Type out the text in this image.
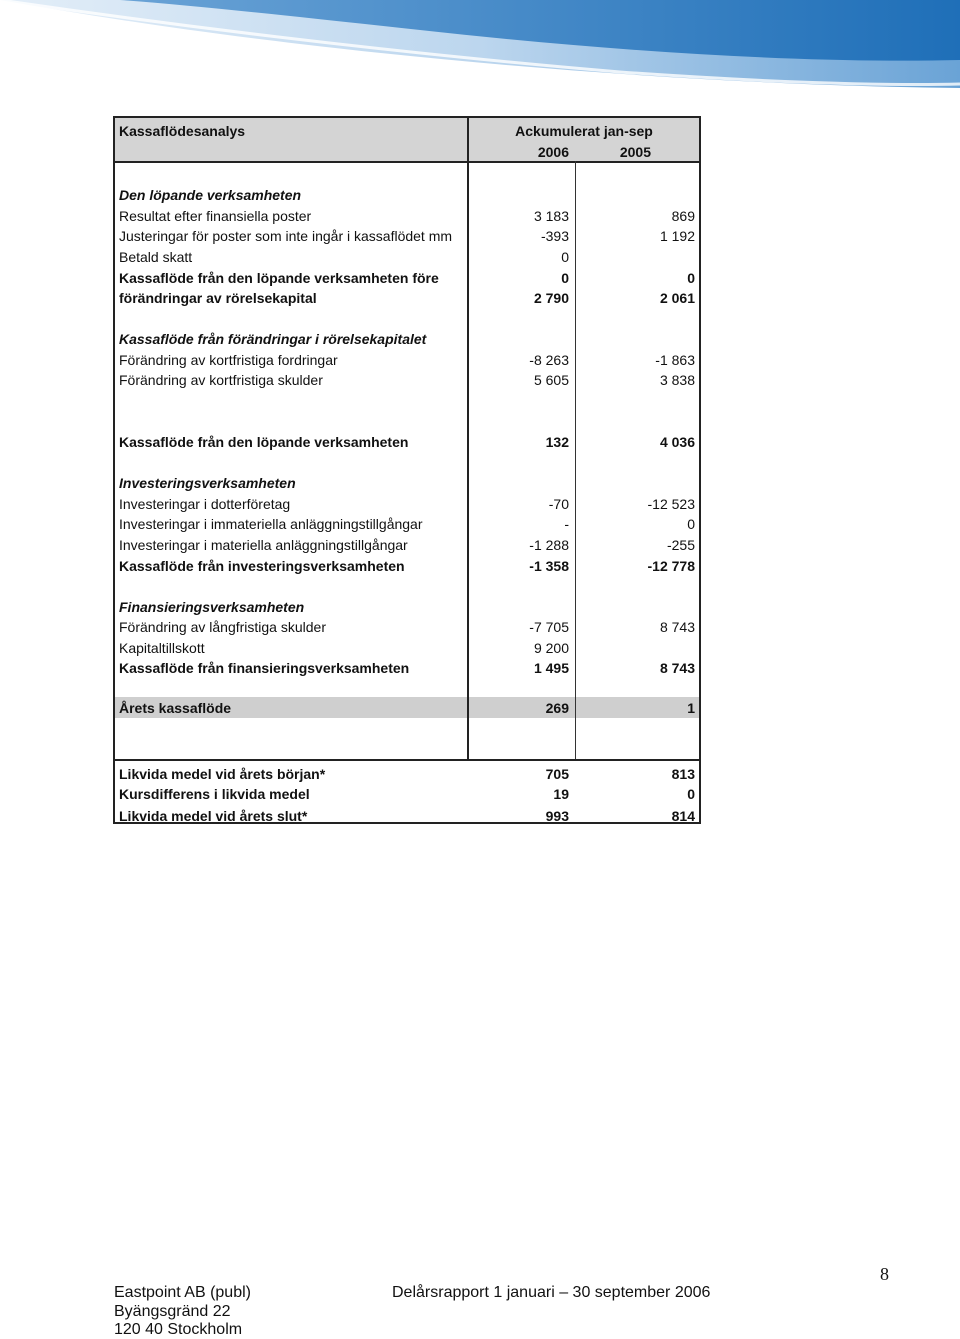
Kassaflödesanalys	Ackumulerat jan-sep
2006	2005
Den löpande verksamheten
Resultat efter finansiella poster	3 183	869
Justeringar för poster som inte ingår i kassaflödet mm	-393	1 192
Betald skatt	0
Kassaflöde från den löpande verksamheten före	0	0
förändringar av rörelsekapital	2 790	2 061
Kassaflöde från förändringar i rörelsekapitalet
Förändring av kortfristiga fordringar	-8 263	-1 863
Förändring av kortfristiga skulder	5 605	3 838
Kassaflöde från den löpande verksamheten	132	4 036
Investeringsverksamheten
Investeringar i dotterföretag	-70	-12 523
Investeringar i immateriella anläggningstillgångar	-	0
Investeringar i materiella anläggningstillgångar	-1 288	-255
Kassaflöde från investeringsverksamheten	-1 358	-12 778
Finansieringsverksamheten
Förändring av långfristiga skulder	-7 705	8 743
Kapitaltillskott	9 200
Kassaflöde från finansieringsverksamheten	1 495	8 743
Årets kassaflöde	269	1
Likvida medel vid årets början*	705	813
Kursdifferens i likvida medel	19	0
Likvida medel vid årets slut*	993	814
8
Eastpoint AB (publ)
Byängsgränd 22
120 40 Stockholm
Delårsrapport 1 januari – 30 september 2006
